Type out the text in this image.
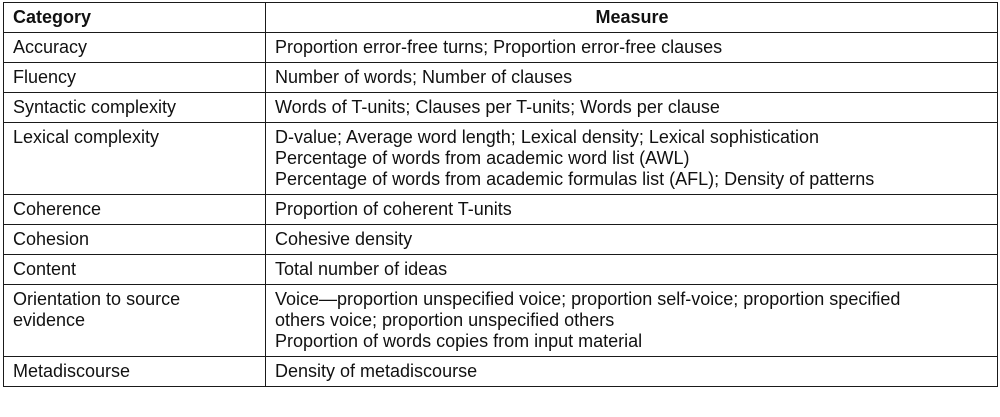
Category	Measure

Accuracy	Proportion error-free turns; Proportion error-free clauses

Fluency	Number of words; Number of clauses

Syntactic complexity	Words of T-units; Clauses per T-units; Words per clause

Lexical complexity	D-value; Average word length; Lexical density; Lexical sophistication
Percentage of words from academic word list (AWL)
Percentage of words from academic formulas list (AFL); Density of patterns

Coherence	Proportion of coherent T-units

Cohesion	Cohesive density

Content	Total number of ideas

Orientation to source
evidence	Voice—proportion unspecified voice; proportion self-voice; proportion specified
others voice; proportion unspecified others
Proportion of words copies from input material

Metadiscourse	Density of metadiscourse
